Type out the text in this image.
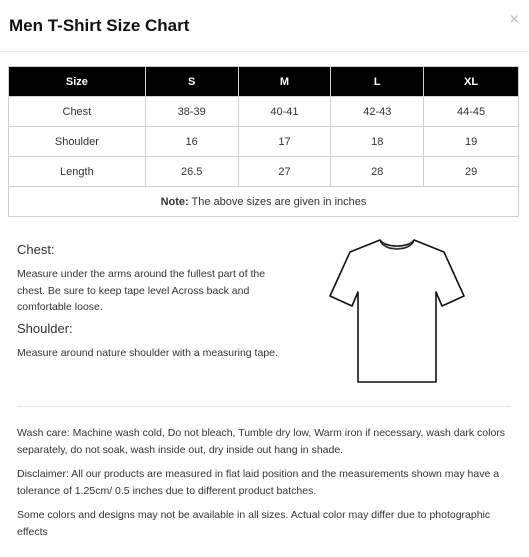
Men T-Shirt Size Chart	×
Size	S	M	L	XL
Chest	38-39	40-41	42-43	44-45
Shoulder	16	17	18	19
Length	26.5	27	28	29
Note: The above sizes are given in inches				
Chest:
Measure under the arms around the fullest part of the chest. Be sure to keep tape level Across back and comfortable loose.
Shoulder:
Measure around nature shoulder with a measuring tape.
Wash care: Machine wash cold, Do not bleach, Tumble dry low, Warm iron if necessary, wash dark colors separately, do not soak, wash inside out, dry inside out hang in shade.
Disclaimer: All our products are measured in flat laid position and the measurements shown may have a tolerance of 1.25cm/ 0.5 inches due to different product batches.
Some colors and designs may not be available in all sizes. Actual color may differ due to photographic effects
